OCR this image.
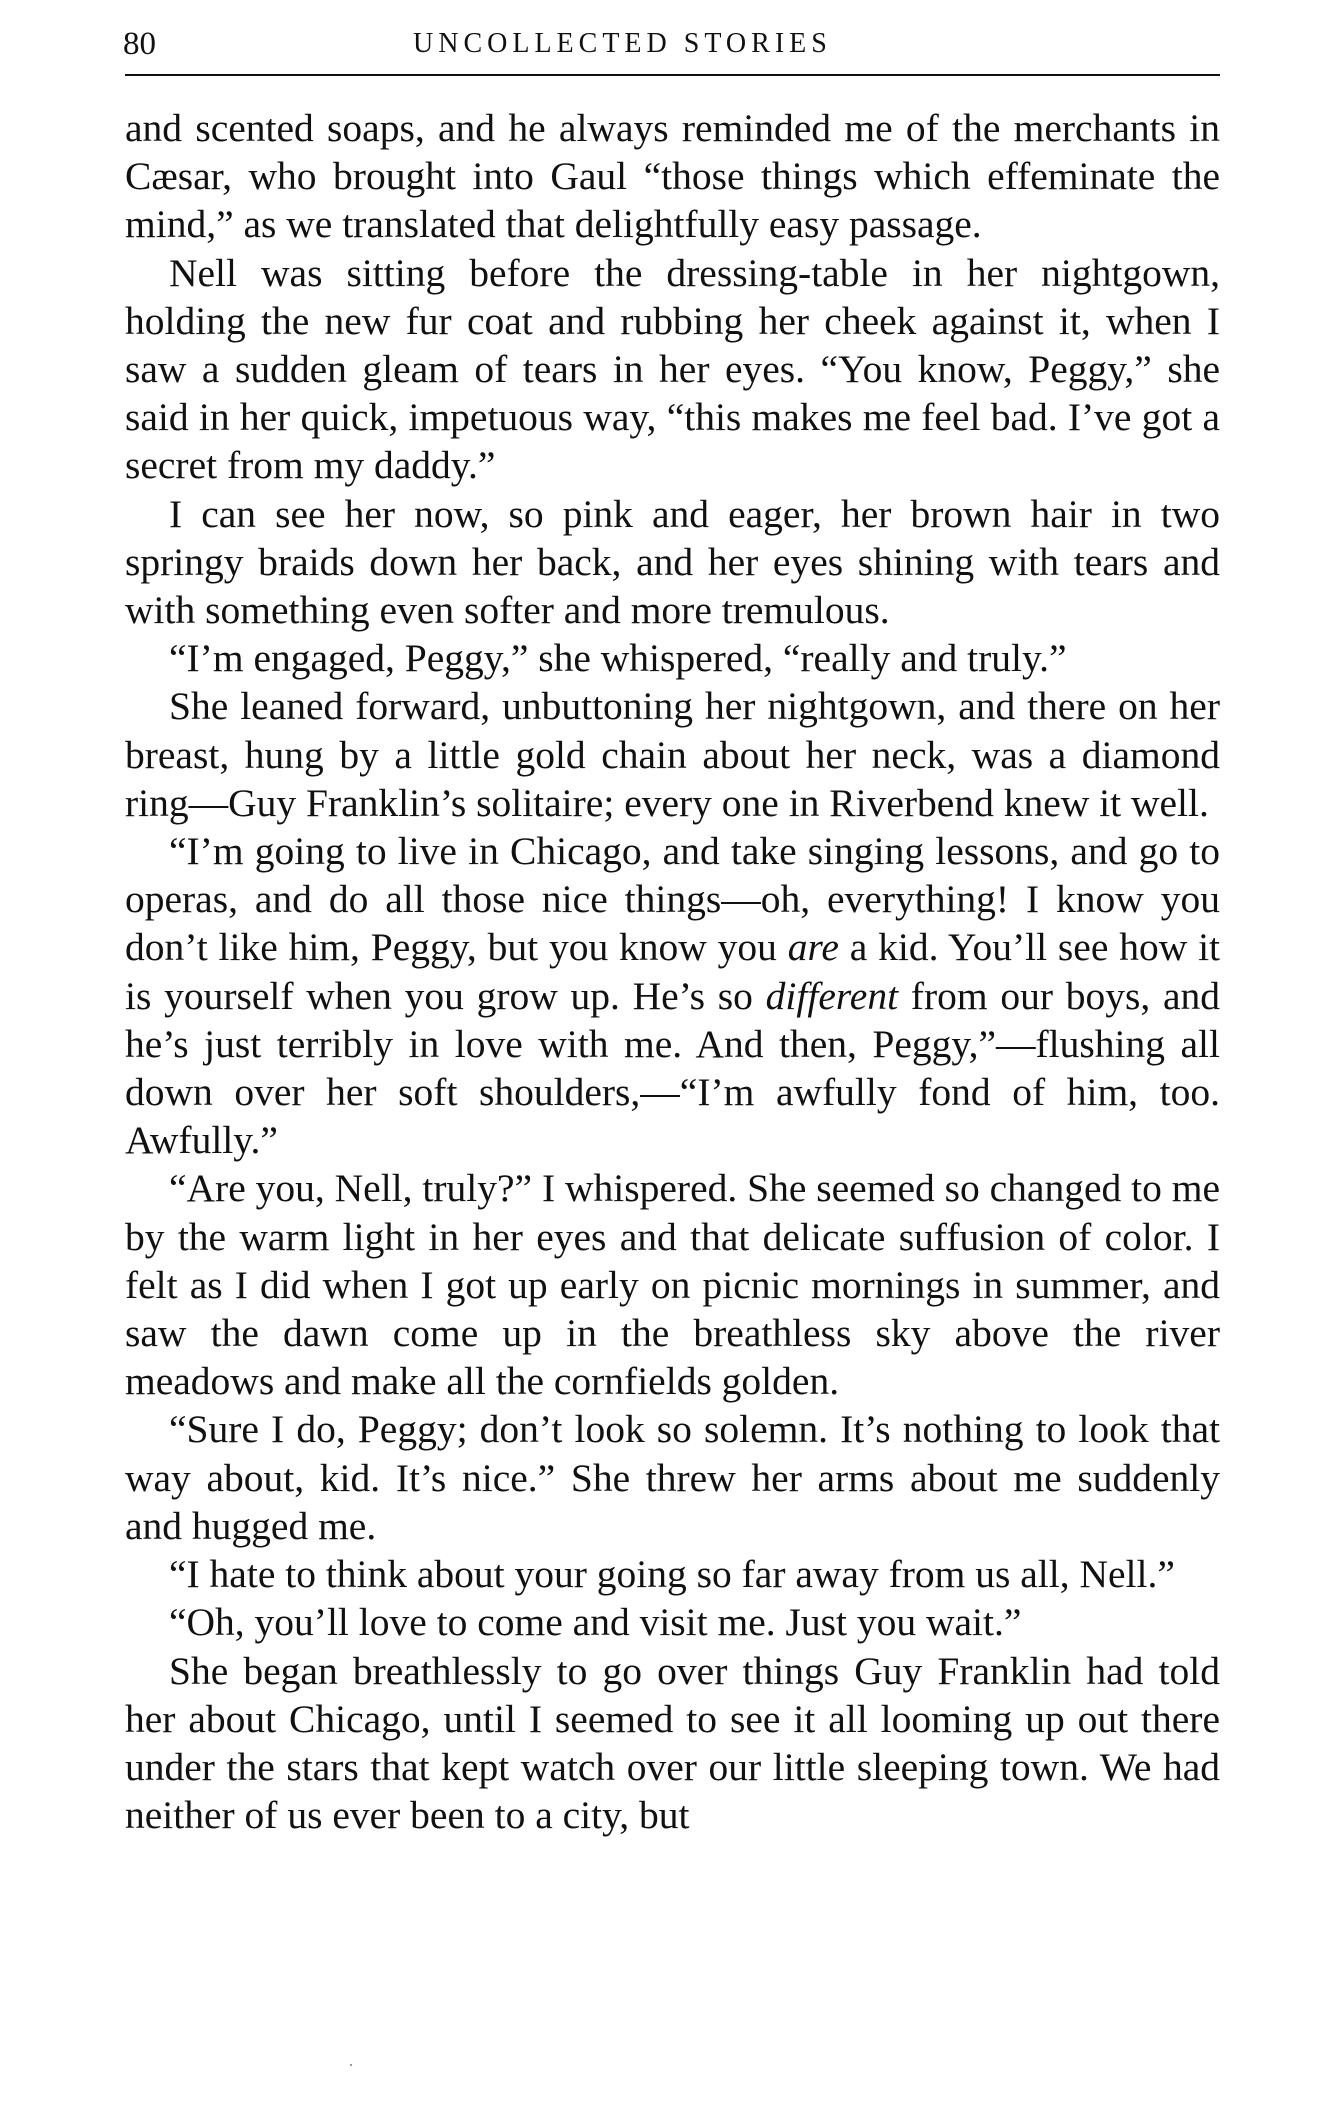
80	UNCOLLECTED STORIES

and scented soaps, and he always reminded me of the merchants in Cæsar, who brought into Gaul “those things which effeminate the mind,” as we translated that delightfully easy passage.

Nell was sitting before the dressing-table in her nightgown, holding the new fur coat and rubbing her cheek against it, when I saw a sudden gleam of tears in her eyes. “You know, Peggy,” she said in her quick, impetuous way, “this makes me feel bad. I’ve got a secret from my daddy.”

I can see her now, so pink and eager, her brown hair in two springy braids down her back, and her eyes shining with tears and with something even softer and more tremulous.

“I’m engaged, Peggy,” she whispered, “really and truly.”

She leaned forward, unbuttoning her nightgown, and there on her breast, hung by a little gold chain about her neck, was a diamond ring—Guy Franklin’s solitaire; every one in Riverbend knew it well.

“I’m going to live in Chicago, and take singing lessons, and go to operas, and do all those nice things—oh, everything! I know you don’t like him, Peggy, but you know you are a kid. You’ll see how it is yourself when you grow up. He’s so different from our boys, and he’s just terribly in love with me. And then, Peggy,”—flushing all down over her soft shoulders,—“I’m awfully fond of him, too. Awfully.”

“Are you, Nell, truly?” I whispered. She seemed so changed to me by the warm light in her eyes and that delicate suffusion of color. I felt as I did when I got up early on picnic mornings in summer, and saw the dawn come up in the breathless sky above the river meadows and make all the cornfields golden.

“Sure I do, Peggy; don’t look so solemn. It’s nothing to look that way about, kid. It’s nice.” She threw her arms about me suddenly and hugged me.

“I hate to think about your going so far away from us all, Nell.”

“Oh, you’ll love to come and visit me. Just you wait.”

She began breathlessly to go over things Guy Franklin had told her about Chicago, until I seemed to see it all looming up out there under the stars that kept watch over our little sleeping town. We had neither of us ever been to a city, but
